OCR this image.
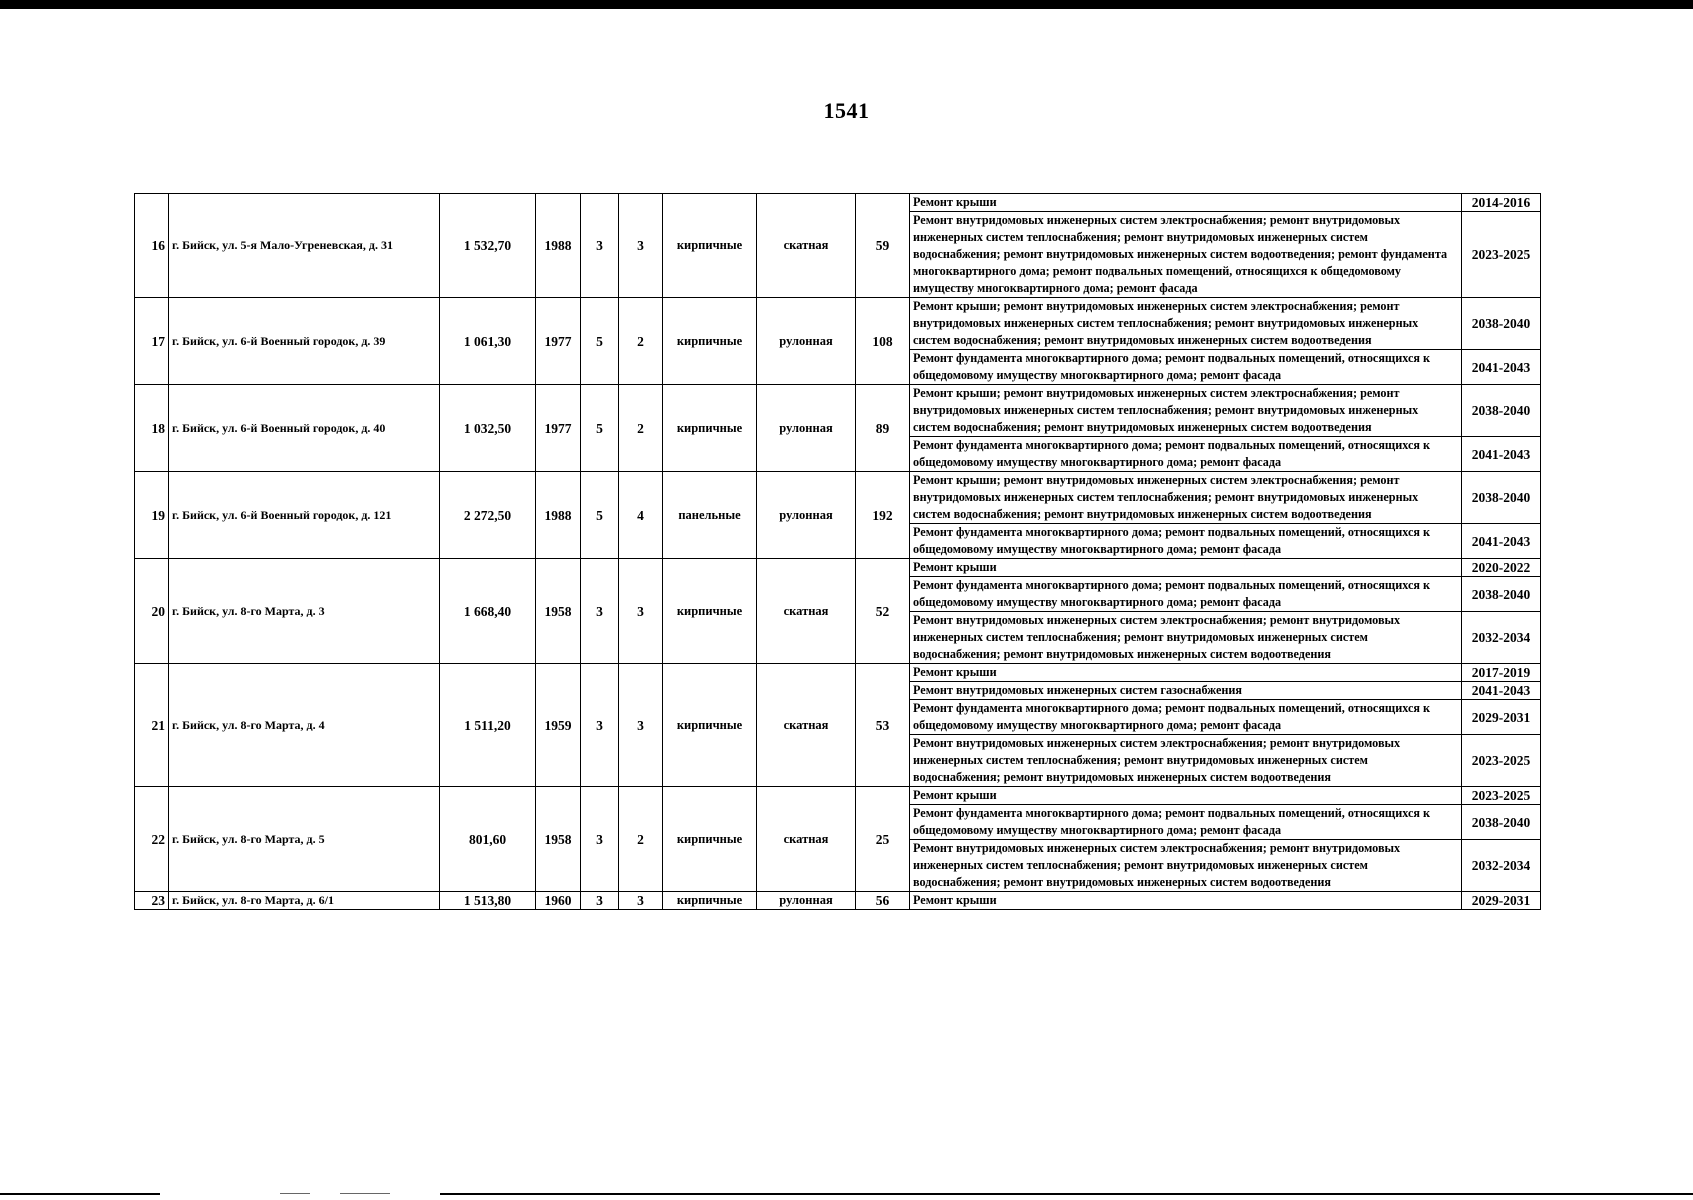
1541
16	г. Бийск, ул. 5-я Мало-Угреневская, д. 31	1 532,70	1988	3	3	кирпичные	скатная	59	Ремонт крыши	2014-2016
									Ремонт внутридомовых инженерных систем электроснабжения; ремонт внутридомовых инженерных систем теплоснабжения; ремонт внутридомовых инженерных систем водоснабжения; ремонт внутридомовых инженерных систем водоотведения; ремонт фундамента многоквартирного дома; ремонт подвальных помещений, относящихся к общедомовому имуществу многоквартирного дома; ремонт фасада	2023-2025
17	г. Бийск, ул. 6-й Военный городок, д. 39	1 061,30	1977	5	2	кирпичные	рулонная	108	Ремонт крыши; ремонт внутридомовых инженерных систем электроснабжения; ремонт внутридомовых инженерных систем теплоснабжения; ремонт внутридомовых инженерных систем водоснабжения; ремонт внутридомовых инженерных систем водоотведения	2038-2040
									Ремонт фундамента многоквартирного дома; ремонт подвальных помещений, относящихся к общедомовому имуществу многоквартирного дома; ремонт фасада	2041-2043
18	г. Бийск, ул. 6-й Военный городок, д. 40	1 032,50	1977	5	2	кирпичные	рулонная	89	Ремонт крыши; ремонт внутридомовых инженерных систем электроснабжения; ремонт внутридомовых инженерных систем теплоснабжения; ремонт внутридомовых инженерных систем водоснабжения; ремонт внутридомовых инженерных систем водоотведения	2038-2040
									Ремонт фундамента многоквартирного дома; ремонт подвальных помещений, относящихся к общедомовому имуществу многоквартирного дома; ремонт фасада	2041-2043
19	г. Бийск, ул. 6-й Военный городок, д. 121	2 272,50	1988	5	4	панельные	рулонная	192	Ремонт крыши; ремонт внутридомовых инженерных систем электроснабжения; ремонт внутридомовых инженерных систем теплоснабжения; ремонт внутридомовых инженерных систем водоснабжения; ремонт внутридомовых инженерных систем водоотведения	2038-2040
									Ремонт фундамента многоквартирного дома; ремонт подвальных помещений, относящихся к общедомовому имуществу многоквартирного дома; ремонт фасада	2041-2043
20	г. Бийск, ул. 8-го Марта, д. 3	1 668,40	1958	3	3	кирпичные	скатная	52	Ремонт крыши	2020-2022
									Ремонт фундамента многоквартирного дома; ремонт подвальных помещений, относящихся к общедомовому имуществу многоквартирного дома; ремонт фасада	2038-2040
									Ремонт внутридомовых инженерных систем электроснабжения; ремонт внутридомовых инженерных систем теплоснабжения; ремонт внутридомовых инженерных систем водоснабжения; ремонт внутридомовых инженерных систем водоотведения	2032-2034
21	г. Бийск, ул. 8-го Марта, д. 4	1 511,20	1959	3	3	кирпичные	скатная	53	Ремонт крыши	2017-2019
									Ремонт внутридомовых инженерных систем газоснабжения	2041-2043
									Ремонт фундамента многоквартирного дома; ремонт подвальных помещений, относящихся к общедомовому имуществу многоквартирного дома; ремонт фасада	2029-2031
									Ремонт внутридомовых инженерных систем электроснабжения; ремонт внутридомовых инженерных систем теплоснабжения; ремонт внутридомовых инженерных систем водоснабжения; ремонт внутридомовых инженерных систем водоотведения	2023-2025
22	г. Бийск, ул. 8-го Марта, д. 5	801,60	1958	3	2	кирпичные	скатная	25	Ремонт крыши	2023-2025
									Ремонт фундамента многоквартирного дома; ремонт подвальных помещений, относящихся к общедомовому имуществу многоквартирного дома; ремонт фасада	2038-2040
									Ремонт внутридомовых инженерных систем электроснабжения; ремонт внутридомовых инженерных систем теплоснабжения; ремонт внутридомовых инженерных систем водоснабжения; ремонт внутридомовых инженерных систем водоотведения	2032-2034
23	г. Бийск, ул. 8-го Марта, д. 6/1	1 513,80	1960	3	3	кирпичные	рулонная	56	Ремонт крыши	2029-2031
